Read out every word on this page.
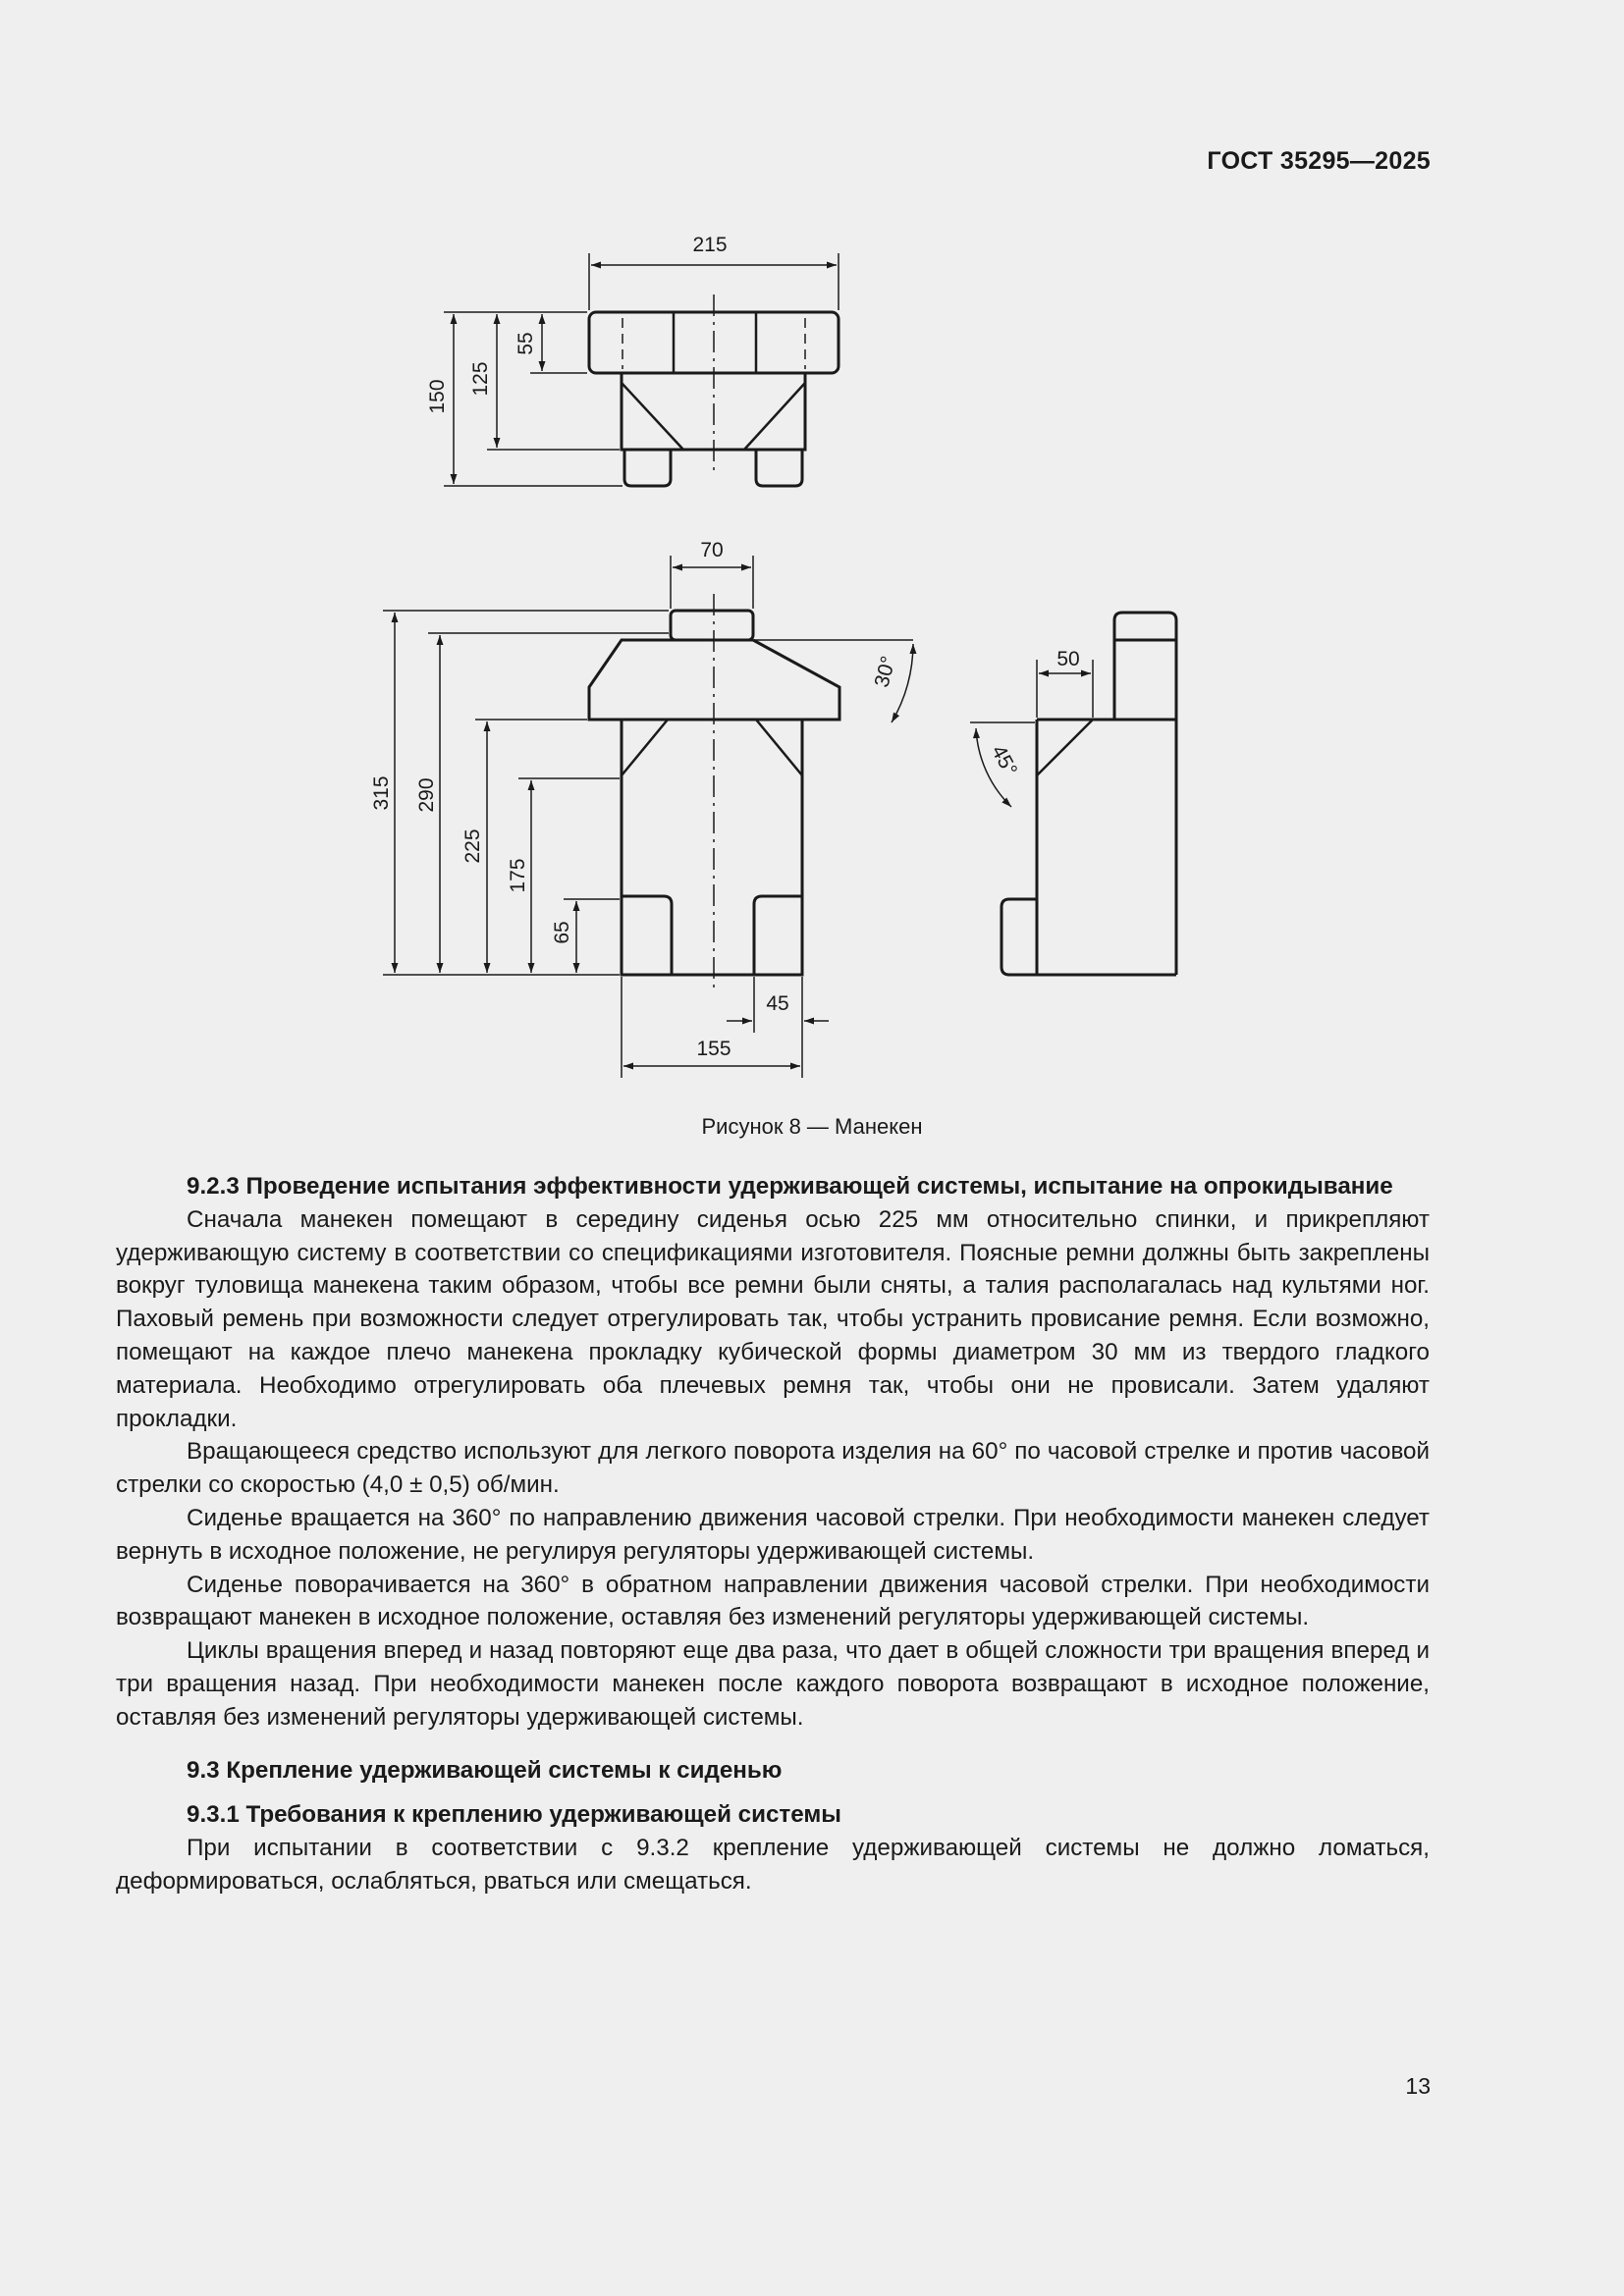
ГОСТ 35295—2025
215
150
125
55
70
315 290
225
175
65
45
155
30°	50
45°
Рисунок 8 — Манекен
9.2.3 Проведение испытания эффективности удерживающей системы, испытание на опрокидывание

Сначала манекен помещают в середину сиденья осью 225 мм относительно спинки, и прикрепляют удерживающую систему в соответствии со спецификациями изготовителя. Поясные ремни должны быть закреплены вокруг туловища манекена таким образом, чтобы все ремни были сняты, а талия располагалась над культями ног. Паховый ремень при возможности следует отрегулировать так, чтобы устранить провисание ремня. Если возможно, помещают на каждое плечо манекена прокладку кубической формы диаметром 30 мм из твердого гладкого материала. Необходимо отрегулировать оба плечевых ремня так, чтобы они не провисали. Затем удаляют прокладки.

Вращающееся средство используют для легкого поворота изделия на 60° по часовой стрелке и против часовой стрелки со скоростью (4,0 ± 0,5) об/мин.

Сиденье вращается на 360° по направлению движения часовой стрелки. При необходимости манекен следует вернуть в исходное положение, не регулируя регуляторы удерживающей системы.

Сиденье поворачивается на 360° в обратном направлении движения часовой стрелки. При необходимости возвращают манекен в исходное положение, оставляя без изменений регуляторы удерживающей системы.

Циклы вращения вперед и назад повторяют еще два раза, что дает в общей сложности три вращения вперед и три вращения назад. При необходимости манекен после каждого поворота возвращают в исходное положение, оставляя без изменений регуляторы удерживающей системы.

9.3 Крепление удерживающей системы к сиденью
9.3.1 Требования к креплению удерживающей системы

При испытании в соответствии с 9.3.2 крепление удерживающей системы не должно ломаться, деформироваться, ослабляться, рваться или смещаться.

13
